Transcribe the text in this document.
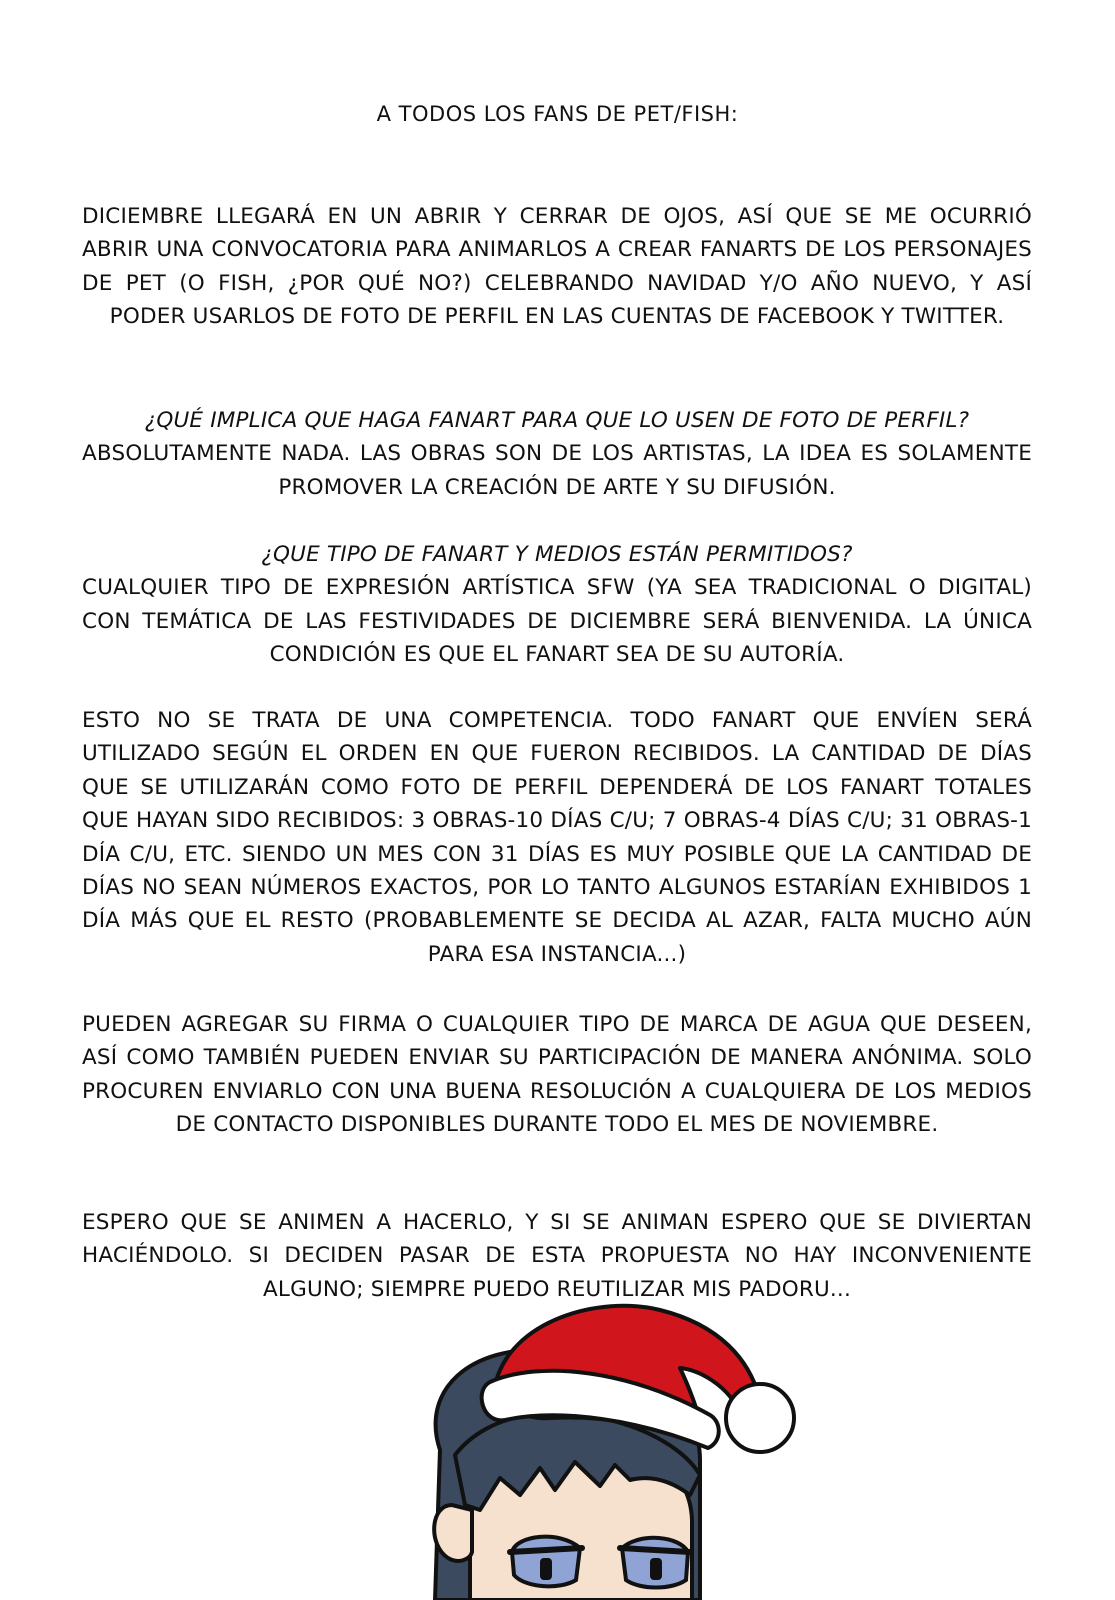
A TODOS LOS FANS DE PET/FISH:
DICIEMBRE LLEGARÁ EN UN ABRIR Y CERRAR DE OJOS, ASÍ QUE SE ME OCURRIÓ ABRIR UNA CONVOCATORIA PARA ANIMARLOS A CREAR FANARTS DE LOS PERSONAJES DE PET (O FISH, ¿POR QUÉ NO?) CELEBRANDO NAVIDAD Y/O AÑO NUEVO, Y ASÍ PODER USARLOS DE FOTO DE PERFIL EN LAS CUENTAS DE FACEBOOK Y TWITTER.
¿QUÉ IMPLICA QUE HAGA FANART PARA QUE LO USEN DE FOTO DE PERFIL?
ABSOLUTAMENTE NADA. LAS OBRAS SON DE LOS ARTISTAS, LA IDEA ES SOLAMENTE PROMOVER LA CREACIÓN DE ARTE Y SU DIFUSIÓN.
¿QUE TIPO DE FANART Y MEDIOS ESTÁN PERMITIDOS?
CUALQUIER TIPO DE EXPRESIÓN ARTÍSTICA SFW (YA SEA TRADICIONAL O DIGITAL) CON TEMÁTICA DE LAS FESTIVIDADES DE DICIEMBRE SERÁ BIENVENIDA. LA ÚNICA CONDICIÓN ES QUE EL FANART SEA DE SU AUTORÍA.
ESTO NO SE TRATA DE UNA COMPETENCIA. TODO FANART QUE ENVÍEN SERÁ UTILIZADO SEGÚN EL ORDEN EN QUE FUERON RECIBIDOS. LA CANTIDAD DE DÍAS QUE SE UTILIZARÁN COMO FOTO DE PERFIL DEPENDERÁ DE LOS FANART TOTALES QUE HAYAN SIDO RECIBIDOS: 3 OBRAS-10 DÍAS C/U; 7 OBRAS-4 DÍAS C/U; 31 OBRAS-1 DÍA C/U, ETC. SIENDO UN MES CON 31 DÍAS ES MUY POSIBLE QUE LA CANTIDAD DE DÍAS NO SEAN NÚMEROS EXACTOS, POR LO TANTO ALGUNOS ESTARÍAN EXHIBIDOS 1 DÍA MÁS QUE EL RESTO (PROBABLEMENTE SE DECIDA AL AZAR, FALTA MUCHO AÚN PARA ESA INSTANCIA...)
PUEDEN AGREGAR SU FIRMA O CUALQUIER TIPO DE MARCA DE AGUA QUE DESEEN, ASÍ COMO TAMBIÉN PUEDEN ENVIAR SU PARTICIPACIÓN DE MANERA ANÓNIMA. SOLO PROCUREN ENVIARLO CON UNA BUENA RESOLUCIÓN A CUALQUIERA DE LOS MEDIOS DE CONTACTO DISPONIBLES DURANTE TODO EL MES DE NOVIEMBRE.
ESPERO QUE SE ANIMEN A HACERLO, Y SI SE ANIMAN ESPERO QUE SE DIVIERTAN HACIÉNDOLO. SI DECIDEN PASAR DE ESTA PROPUESTA NO HAY INCONVENIENTE ALGUNO; SIEMPRE PUEDO REUTILIZAR MIS PADORU...
